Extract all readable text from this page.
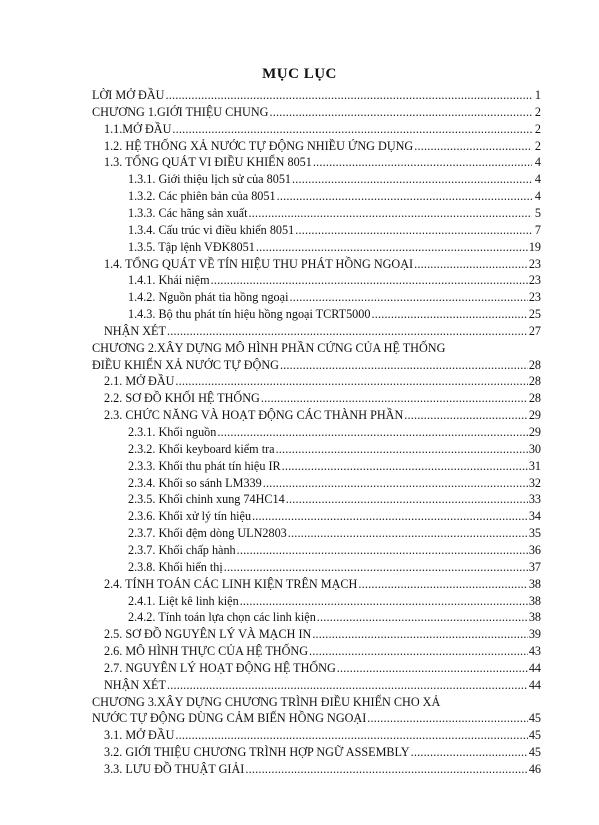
MỤC LỤC
LỜI MỞ ĐẦU .....	1
CHƯƠNG 1.GIỚI THIỆU CHUNG .....	2
1.1.MỞ ĐẦU .....	2
1.2. HỆ THỐNG XẢ NƯỚC TỰ ĐỘNG NHIỀU ỨNG DỤNG .....	2
1.3. TỔNG QUÁT VI ĐIỀU KHIỂN 8051 .....	4
1.3.1. Giới thiệu lịch sử của 8051 .....	4
1.3.2. Các phiên bản của 8051 .....	4
1.3.3. Các hãng sản xuất .....	5
1.3.4. Cấu trúc vi điều khiển 8051 .....	7
1.3.5. Tập lệnh VĐK8051 .....	19
1.4. TỔNG QUÁT VỀ TÍN HIỆU THU PHÁT HỒNG NGOẠI .....	23
1.4.1. Khái niệm .....	23
1.4.2. Nguồn phát tia hồng ngoại .....	23
1.4.3. Bộ thu phát tín hiệu hồng ngoại TCRT5000 .....	25
NHẬN XÉT .....	27
CHƯƠNG 2.XÂY DỰNG MÔ HÌNH PHẦN CỨNG CỦA HỆ THỐNG
ĐIỀU KHIỂN XẢ NƯỚC TỰ ĐỘNG .....	28
2.1. MỞ ĐẦU .....	28
2.2. SƠ ĐỒ KHỐI HỆ THỐNG .....	28
2.3. CHỨC NĂNG VÀ HOẠT ĐỘNG CÁC THÀNH PHẦN .....	29
2.3.1. Khối nguồn .....	29
2.3.2. Khối keyboard kiểm tra .....	30
2.3.3. Khối thu phát tín hiệu IR .....	31
2.3.4. Khối so sánh LM339 .....	32
2.3.5. Khối chỉnh xung 74HC14 .....	33
2.3.6. Khối xử lý tín hiệu .....	34
2.3.7. Khối đệm dòng ULN2803 .....	35
2.3.7. Khối chấp hành .....	36
2.3.8. Khối hiển thị .....	37
2.4. TÍNH TOÁN CÁC LINH KIỆN TRÊN MẠCH .....	38
2.4.1. Liệt kê linh kiện .....	38
2.4.2. Tính toán lựa chọn các linh kiện .....	38
2.5. SƠ ĐỒ NGUYÊN LÝ VÀ MẠCH IN .....	39
2.6. MÔ HÌNH THỰC CỦA HỆ THỐNG .....	43
2.7. NGUYÊN LÝ HOẠT ĐỘNG HỆ THỐNG .....	44
NHẬN XÉT .....	44
CHƯƠNG 3.XÂY DỰNG CHƯƠNG TRÌNH ĐIỀU KHIỂN CHO XẢ
NƯỚC TỰ ĐỘNG DÙNG CẢM BIẾN HỒNG NGOẠI .....	45
3.1. MỞ ĐẦU .....	45
3.2. GIỚI THIỆU CHƯƠNG TRÌNH HỢP NGỮ ASSEMBLY .....	45
3.3. LƯU ĐỒ THUẬT GIẢI .....	46
